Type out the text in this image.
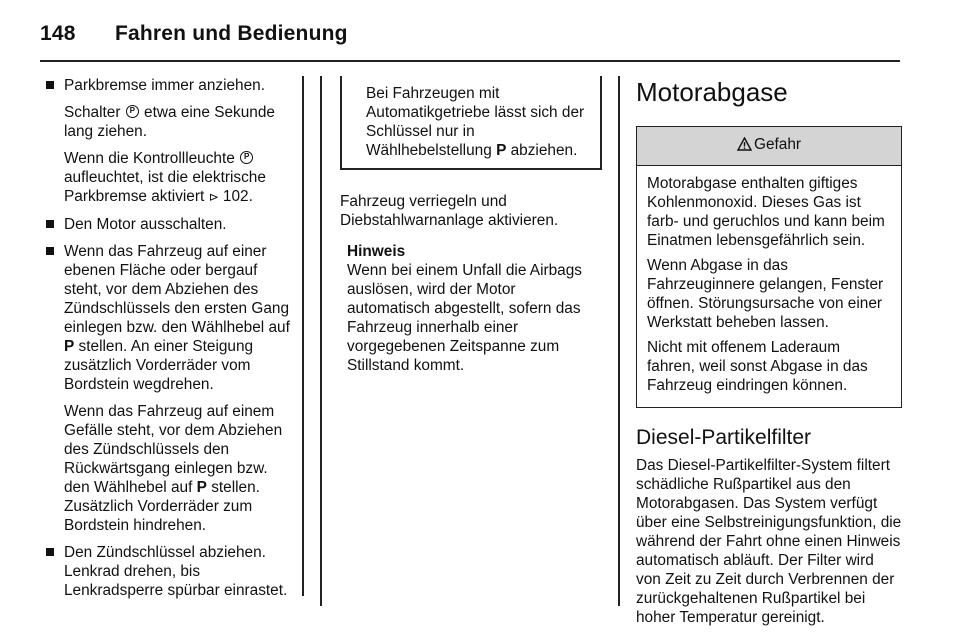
148 Fahren und Bedienung

Parkbremse immer anziehen.

Schalter P etwa eine Sekunde lang ziehen.

Wenn die Kontrollleuchte P aufleuchtet, ist die elektrische Parkbremse aktiviert ⊳ 102.

Den Motor ausschalten.

Wenn das Fahrzeug auf einer ebenen Fläche oder bergauf steht, vor dem Abziehen des Zündschlüssels den ersten Gang einlegen bzw. den Wählhebel auf P stellen. An einer Steigung zusätzlich Vorderräder vom Bordstein wegdrehen.

Wenn das Fahrzeug auf einem Gefälle steht, vor dem Abziehen des Zündschlüssels den Rückwärtsgang einlegen bzw. den Wählhebel auf P stellen. Zusätzlich Vorderräder zum Bordstein hindrehen.

Den Zündschlüssel abziehen. Lenkrad drehen, bis Lenkradsperre spürbar einrastet.

Bei Fahrzeugen mit Automatikgetriebe lässt sich der Schlüssel nur in Wählhebelstellung P abziehen.

Fahrzeug verriegeln und Diebstahlwarnanlage aktivieren.

Hinweis
Wenn bei einem Unfall die Airbags auslösen, wird der Motor automatisch abgestellt, sofern das Fahrzeug innerhalb einer vorgegebenen Zeitspanne zum Stillstand kommt.
Motorabgase
Gefahr

Motorabgase enthalten giftiges Kohlenmonoxid. Dieses Gas ist farb- und geruchlos und kann beim Einatmen lebensgefährlich sein.

Wenn Abgase in das Fahrzeuginnere gelangen, Fenster öffnen. Störungsursache von einer Werkstatt beheben lassen.

Nicht mit offenem Laderaum fahren, weil sonst Abgase in das Fahrzeug eindringen können.

Diesel-Partikelfilter

Das Diesel-Partikelfilter-System filtert schädliche Rußpartikel aus den Motorabgasen. Das System verfügt über eine Selbstreinigungsfunktion, die während der Fahrt ohne einen Hinweis automatisch abläuft. Der Filter wird von Zeit zu Zeit durch Verbrennen der zurückgehaltenen Rußpartikel bei hoher Temperatur gereinigt.
